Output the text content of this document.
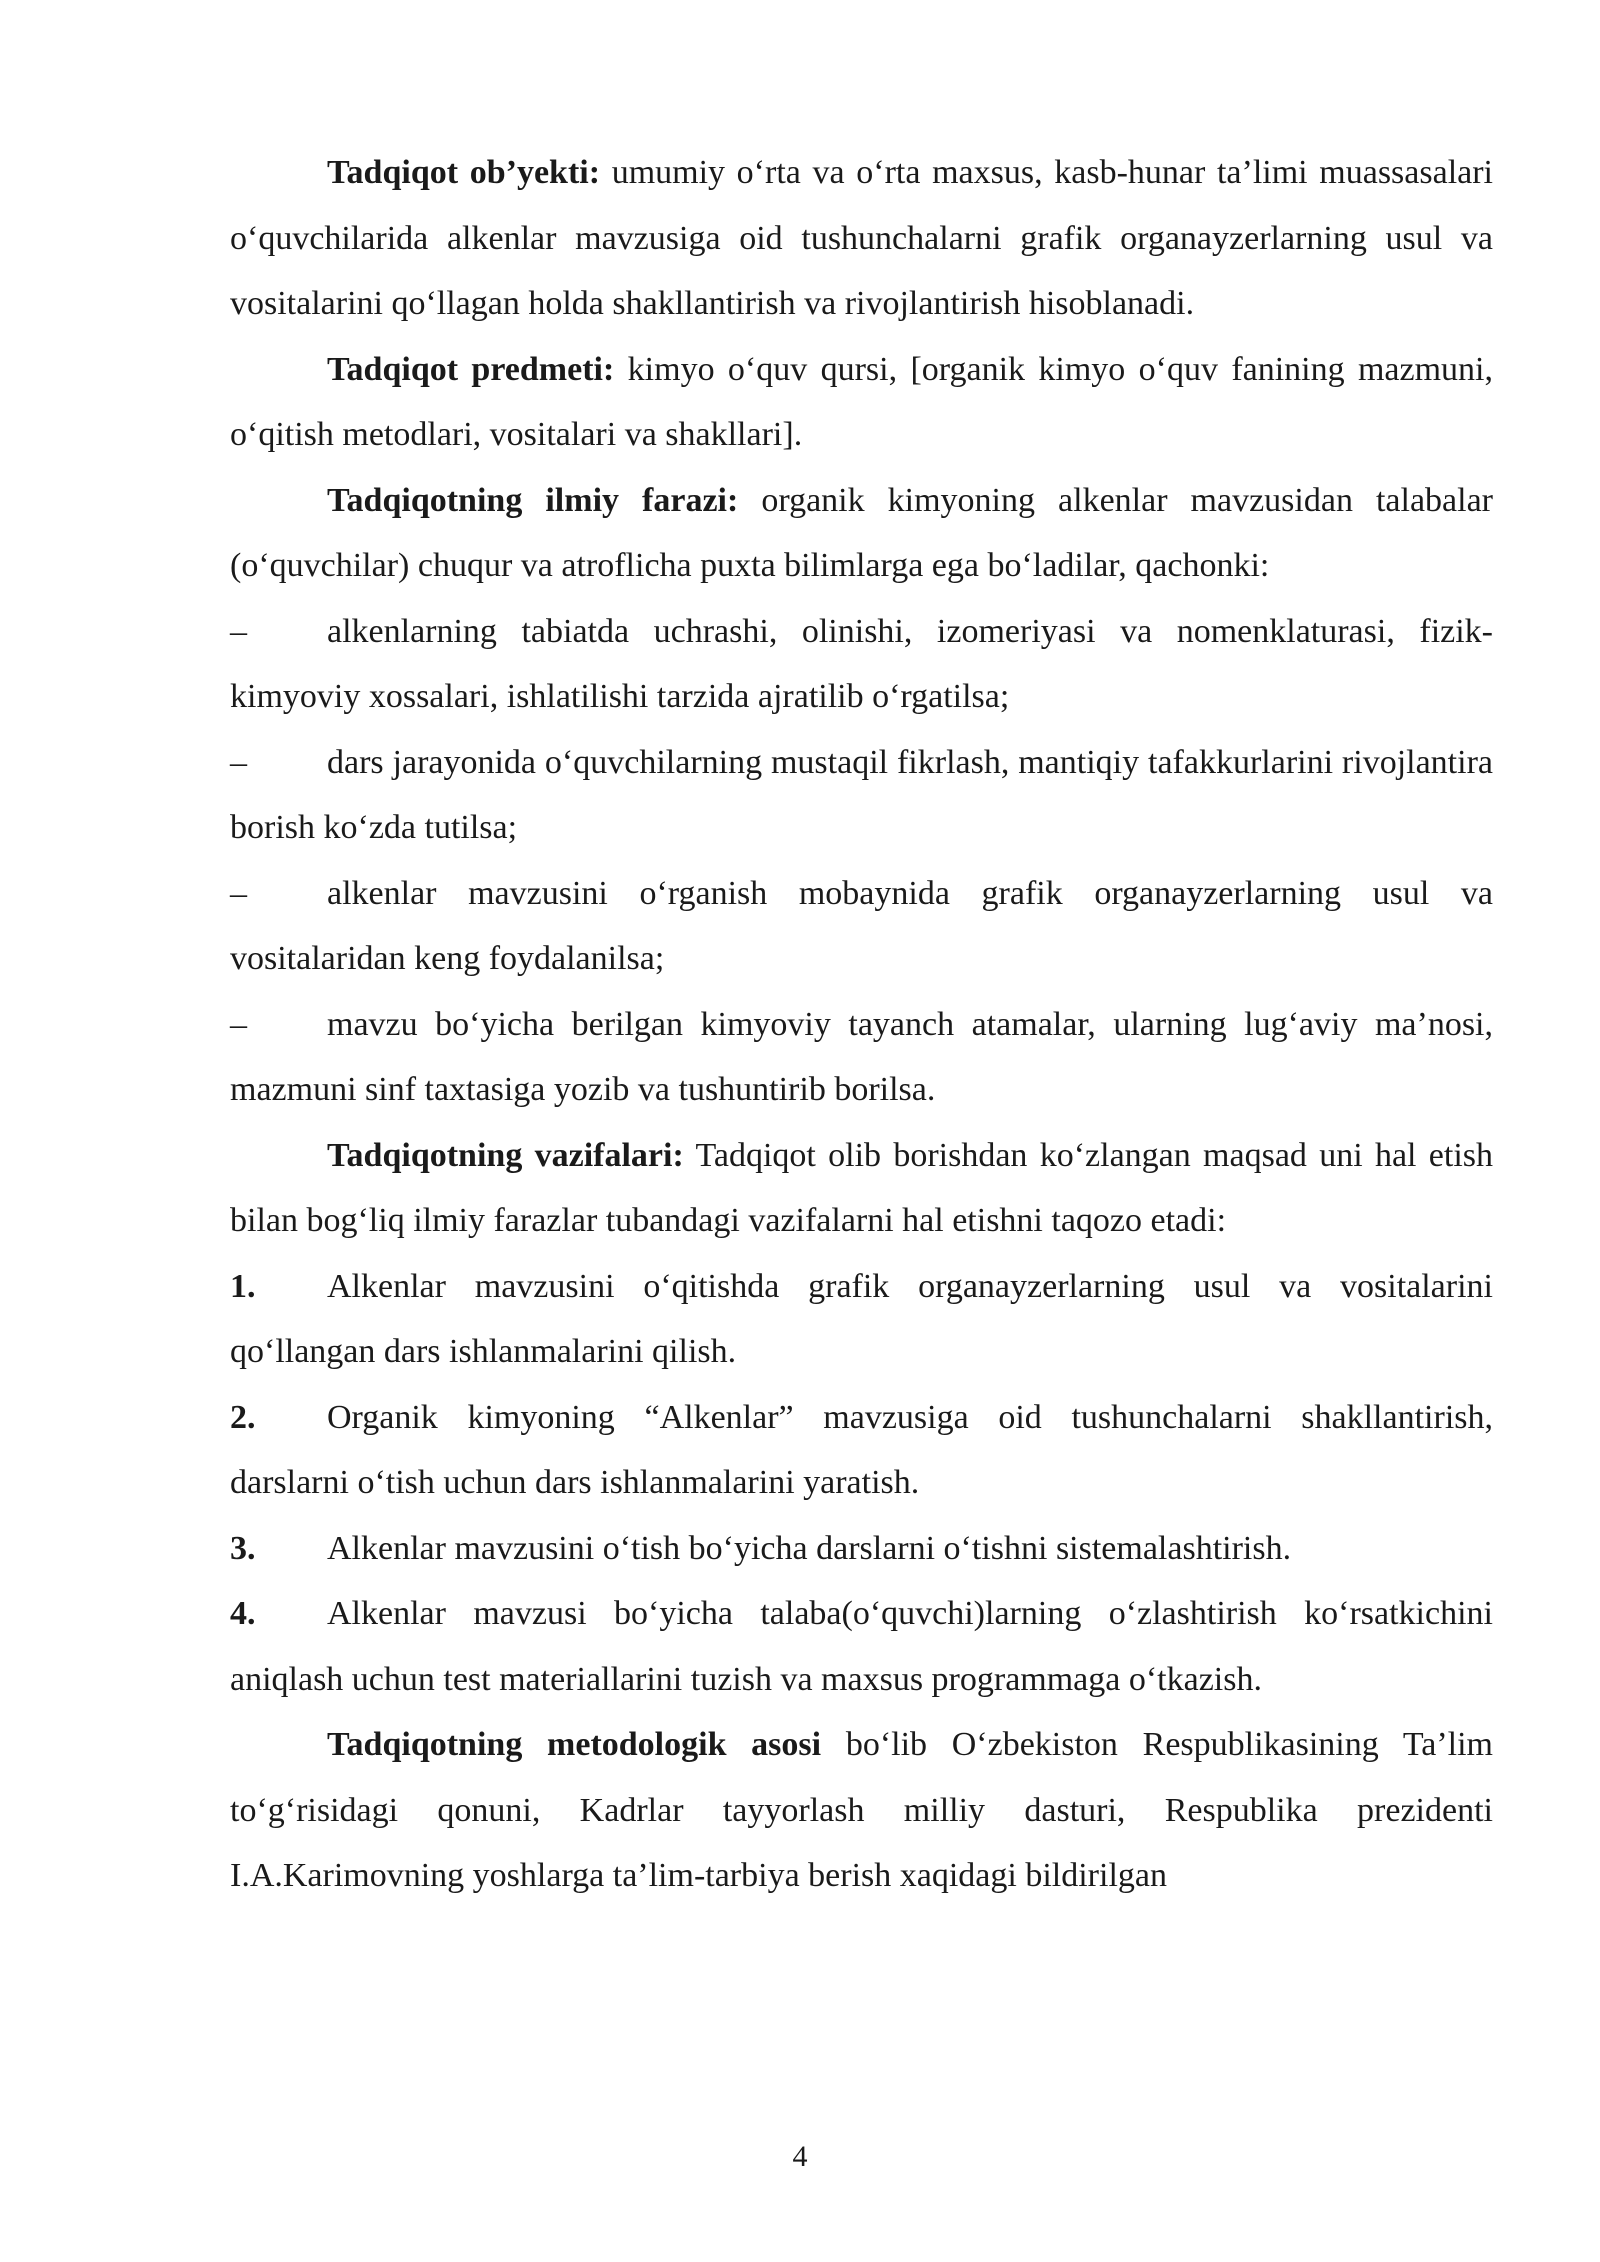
Tadqiqot ob’yekti: umumiy o‘rta va o‘rta maxsus, kasb-hunar ta’limi muassasalari o‘quvchilarida alkenlar mavzusiga oid tushunchalarni grafik organayzerlarning usul va vositalarini qo‘llagan holda shakllantirish va rivojlantirish hisoblanadi.

Tadqiqot predmeti: kimyo o‘quv qursi, [organik kimyo o‘quv fanining mazmuni, o‘qitish metodlari, vositalari va shakllari].

Tadqiqotning ilmiy farazi: organik kimyoning alkenlar mavzusidan talabalar (o‘quvchilar) chuqur va atroflicha puxta bilimlarga ega bo‘ladilar, qachonki:

– alkenlarning tabiatda uchrashi, olinishi, izomeriyasi va nomenklaturasi, fizik-kimyoviy xossalari, ishlatilishi tarzida ajratilib o‘rgatilsa;

– dars jarayonida o‘quvchilarning mustaqil fikrlash, mantiqiy tafakkurlarini rivojlantira borish ko‘zda tutilsa;

– alkenlar mavzusini o‘rganish mobaynida grafik organayzerlarning usul va vositalaridan keng foydalanilsa;

– mavzu bo‘yicha berilgan kimyoviy tayanch atamalar, ularning lug‘aviy ma’nosi, mazmuni sinf taxtasiga yozib va tushuntirib borilsa.

Tadqiqotning vazifalari: Tadqiqot olib borishdan ko‘zlangan maqsad uni hal etish bilan bog‘liq ilmiy farazlar tubandagi vazifalarni hal etishni taqozo etadi:

1. Alkenlar mavzusini o‘qitishda grafik organayzerlarning usul va vositalarini qo‘llangan dars ishlanmalarini qilish.

2. Organik kimyoning “Alkenlar” mavzusiga oid tushunchalarni shakllantirish, darslarni o‘tish uchun dars ishlanmalarini yaratish.

3. Alkenlar mavzusini o‘tish bo‘yicha darslarni o‘tishni sistemalashtirish.

4. Alkenlar mavzusi bo‘yicha talaba(o‘quvchi)larning o‘zlashtirish ko‘rsatkichini aniqlash uchun test materiallarini tuzish va maxsus programmaga o‘tkazish.

Tadqiqotning metodologik asosi bo‘lib O‘zbekiston Respublikasining Ta’lim to‘g‘risidagi qonuni, Kadrlar tayyorlash milliy dasturi, Respublika prezidenti I.A.Karimovning yoshlarga ta’lim-tarbiya berish xaqidagi bildirilgan

4
